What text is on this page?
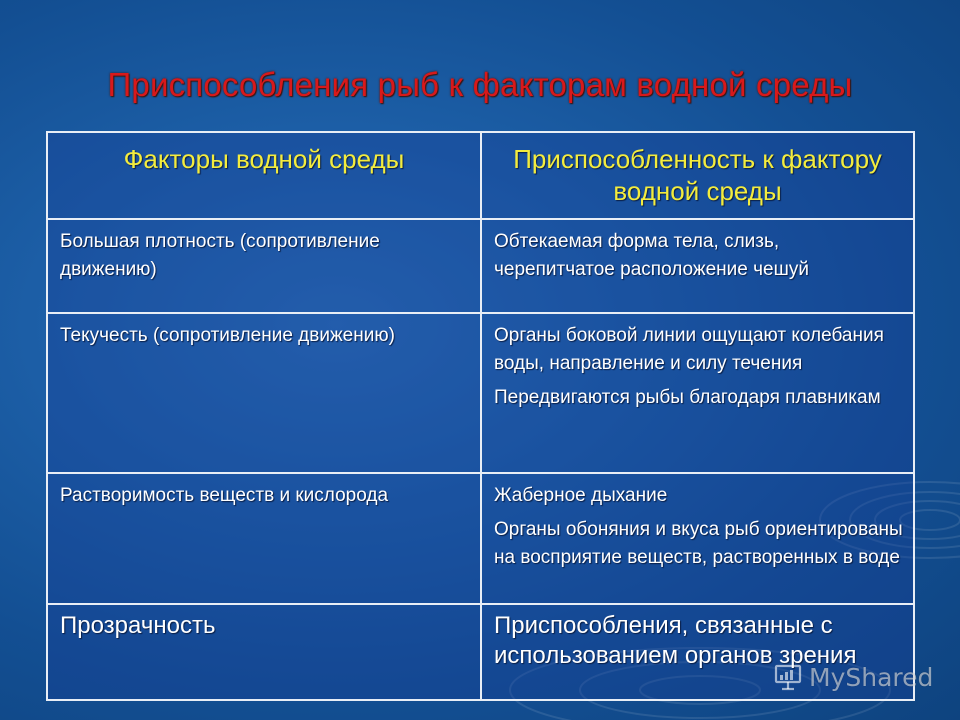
Приспособления рыб к факторам водной среды
Факторы водной среды	Приспособленность к фактору водной среды
Большая плотность (сопротивление движению)	Обтекаемая форма тела, слизь, черепитчатое расположение чешуй

Текучесть (сопротивление движению)	Органы боковой линии ощущают колебания воды, направление и силу течения
Передвигаются рыбы благодаря плавникам

Растворимость веществ и кислорода	Жаберное дыхание
Органы обоняния и вкуса рыб ориентированы на восприятие веществ, растворенных в воде

Прозрачность	Приспособления, связанные с использованием органов зрения
MyShared
